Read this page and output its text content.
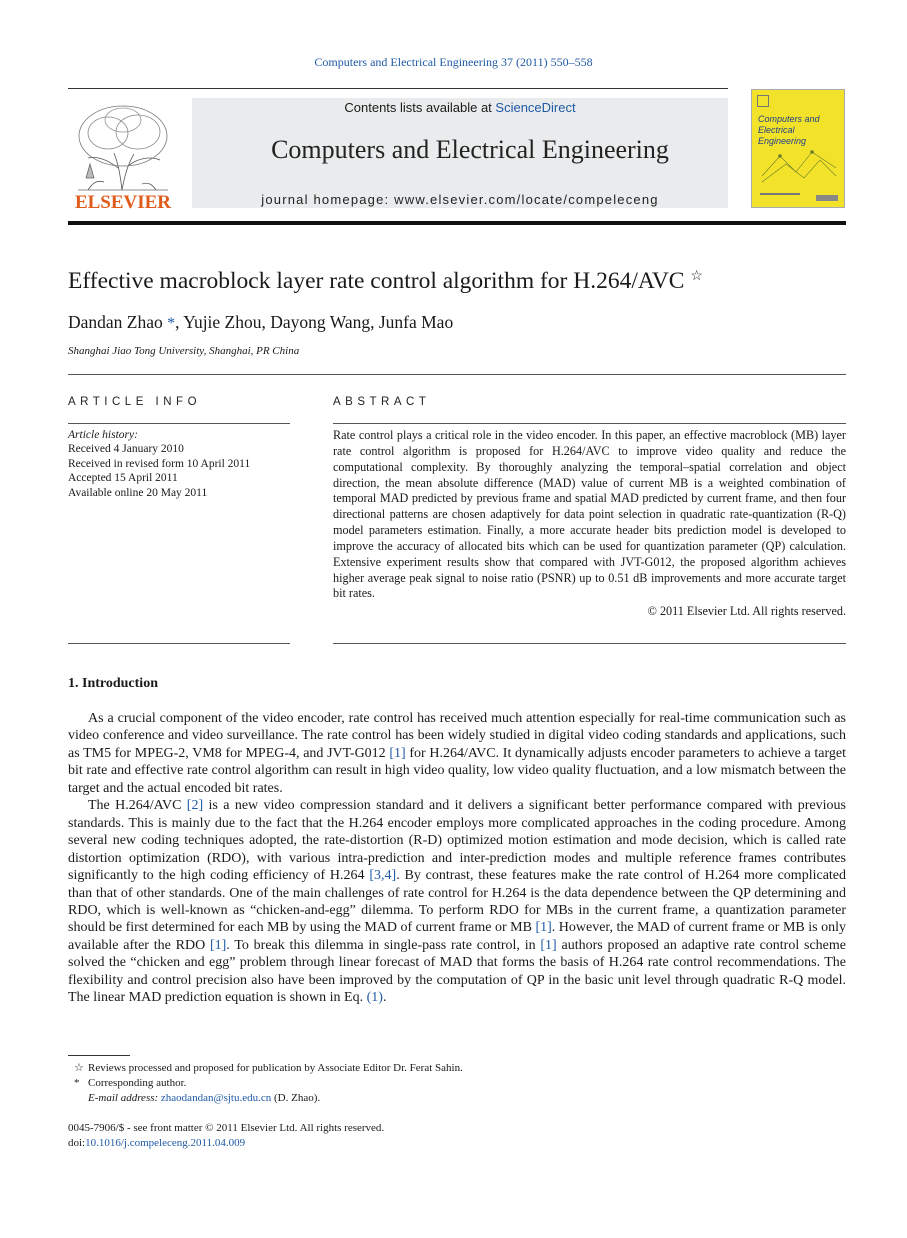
Computers and Electrical Engineering 37 (2011) 550–558
ELSEVIER
Contents lists available at ScienceDirect
Computers and Electrical Engineering
journal homepage: www.elsevier.com/locate/compeleceng
Computers and
Electrical Engineering
Effective macroblock layer rate control algorithm for H.264/AVC ☆
Dandan Zhao *, Yujie Zhou, Dayong Wang, Junfa Mao
Shanghai Jiao Tong University, Shanghai, PR China
ARTICLE INFO
Article history:
Received 4 January 2010
Received in revised form 10 April 2011
Accepted 15 April 2011
Available online 20 May 2011
ABSTRACT
Rate control plays a critical role in the video encoder. In this paper, an effective macroblock (MB) layer rate control algorithm is proposed for H.264/AVC to improve video quality and reduce the computational complexity. By thoroughly analyzing the temporal–spatial correlation and object direction, the mean absolute difference (MAD) value of current MB is a weighted combination of temporal MAD predicted by previous frame and spatial MAD predicted by current frame, and then four directional patterns are chosen adaptively for data point selection in quadratic rate-quantization (R-Q) model parameters estimation. Finally, a more accurate header bits prediction model is developed to improve the accuracy of allocated bits which can be used for quantization parameter (QP) calculation. Extensive experiment results show that compared with JVT-G012, the proposed algorithm achieves higher average peak signal to noise ratio (PSNR) up to 0.51 dB improvements and more accurate target bit rates.
© 2011 Elsevier Ltd. All rights reserved.
1. Introduction

As a crucial component of the video encoder, rate control has received much attention especially for real-time communication such as video conference and video surveillance. The rate control has been widely studied in digital video coding standards and applications, such as TM5 for MPEG-2, VM8 for MPEG-4, and JVT-G012 [1] for H.264/AVC. It dynamically adjusts encoder parameters to achieve a target bit rate and effective rate control algorithm can result in high video quality, low video quality fluctuation, and a low mismatch between the target and the actual encoded bit rates.

The H.264/AVC [2] is a new video compression standard and it delivers a significant better performance compared with previous standards. This is mainly due to the fact that the H.264 encoder employs more complicated approaches in the coding procedure. Among several new coding techniques adopted, the rate-distortion (R-D) optimized motion estimation and mode decision, which is called rate distortion optimization (RDO), with various intra-prediction and inter-prediction modes and multiple reference frames contributes significantly to the high coding efficiency of H.264 [3,4]. By contrast, these features make the rate control of H.264 more complicated than that of other standards. One of the main challenges of rate control for H.264 is the data dependence between the QP determining and RDO, which is well-known as “chicken-and-egg” dilemma. To perform RDO for MBs in the current frame, a quantization parameter should be first determined for each MB by using the MAD of current frame or MB [1]. However, the MAD of current frame or MB is only available after the RDO [1]. To break this dilemma in single-pass rate control, in [1] authors proposed an adaptive rate control scheme solved the “chicken and egg” problem through linear forecast of MAD that forms the basis of H.264 rate control recommendations. The flexibility and control precision also have been improved by the computation of QP in the basic unit level through quadratic R-Q model. The linear MAD prediction equation is shown in Eq. (1).

☆ Reviews processed and proposed for publication by Associate Editor Dr. Ferat Sahin.
* Corresponding author.
E-mail address: zhaodandan@sjtu.edu.cn (D. Zhao).
0045-7906/$ - see front matter © 2011 Elsevier Ltd. All rights reserved.
doi:10.1016/j.compeleceng.2011.04.009
